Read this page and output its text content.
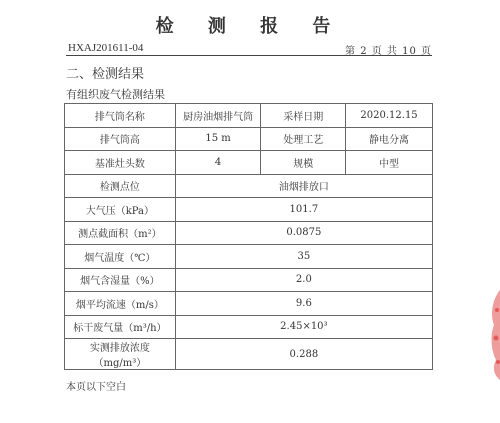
检 测 报 告
HXAJ201611-04	第 2 页 共 10 页
二、检测结果
有组织废气检测结果
排气筒名称	厨房油烟排气筒	采样日期	2020.12.15
排气筒高	15 m	处理工艺	静电分离
基准灶头数	4	规模	中型
检测点位	油烟排放口		
大气压（kPa）	101.7		
测点截面积（m²）	0.0875		
烟气温度（℃）	35		
烟气含湿量（%）	2.0		
烟平均流速（m/s）	9.6		
标干废气量（m³/h）	2.45×10³		
实测排放浓度（mg/m³）	0.288		
本页以下空白
